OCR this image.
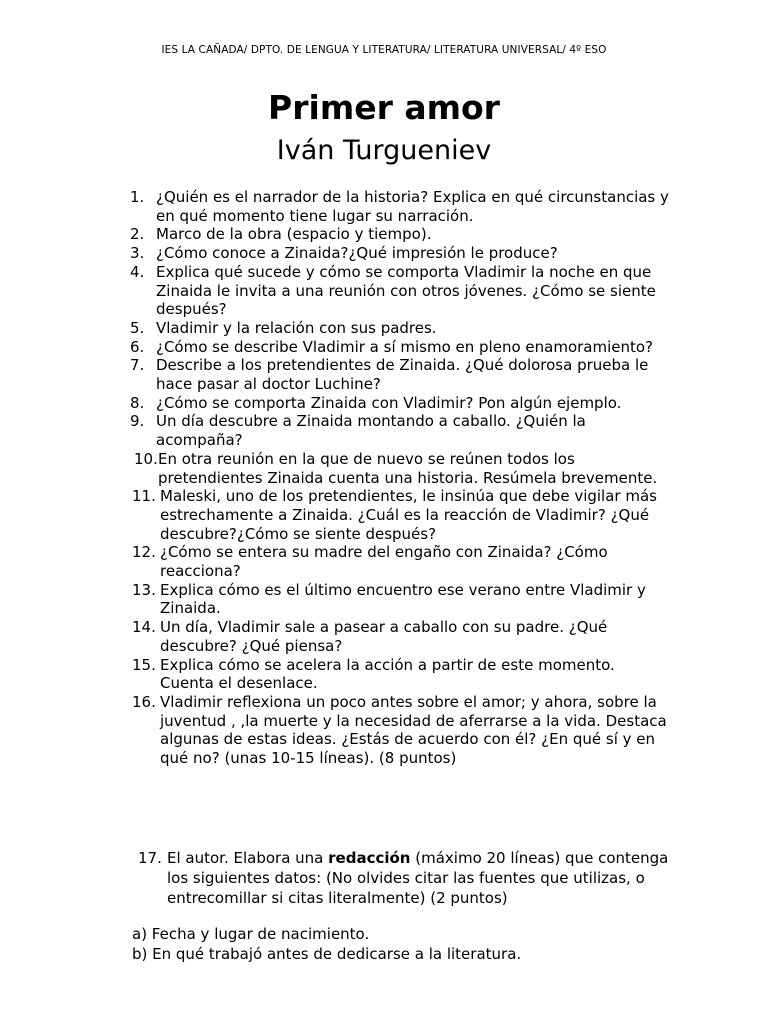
IES LA CAÑADA/ DPTO. DE LENGUA Y LITERATURA/ LITERATURA UNIVERSAL/ 4º ESO
Primer amor
Iván Turgueniev
1. ¿Quién es el narrador de la historia? Explica en qué circunstancias y en qué momento tiene lugar su narración.
2. Marco de la obra (espacio y tiempo).
3. ¿Cómo conoce a Zinaida?¿Qué impresión le produce?
4. Explica qué sucede y cómo se comporta Vladimir la noche en que Zinaida le invita a una reunión con otros jóvenes. ¿Cómo se siente después?
5. Vladimir y la relación con sus padres.
6. ¿Cómo se describe Vladimir a sí mismo en pleno enamoramiento?
7. Describe a los pretendientes de Zinaida. ¿Qué dolorosa prueba le hace pasar al doctor Luchine?
8. ¿Cómo se comporta Zinaida con Vladimir? Pon algún ejemplo.
9. Un día descubre a Zinaida montando a caballo. ¿Quién la acompaña?
10. En otra reunión en la que de nuevo se reúnen todos los pretendientes Zinaida cuenta una historia. Resúmela brevemente.
11. Maleski, uno de los pretendientes, le insinúa que debe vigilar más estrechamente a Zinaida. ¿Cuál es la reacción de Vladimir? ¿Qué descubre?¿Cómo se siente después?
12. ¿Cómo se entera su madre del engaño con Zinaida? ¿Cómo reacciona?
13. Explica cómo es el último encuentro ese verano entre Vladimir y Zinaida.
14. Un día, Vladimir sale a pasear a caballo con su padre. ¿Qué descubre? ¿Qué piensa?
15. Explica cómo se acelera la acción a partir de este momento. Cuenta el desenlace.
16. Vladimir reflexiona un poco antes sobre el amor; y ahora, sobre la juventud , ,la muerte y la necesidad de aferrarse a la vida. Destaca algunas de estas ideas. ¿Estás de acuerdo con él? ¿En qué sí y en qué no? (unas 10-15 líneas). (8 puntos)
17. El autor. Elabora una redacción (máximo 20 líneas) que contenga los siguientes datos: (No olvides citar las fuentes que utilizas, o entrecomillar si citas literalmente) (2 puntos)
a) Fecha y lugar de nacimiento.
b) En qué trabajó antes de dedicarse a la literatura.
